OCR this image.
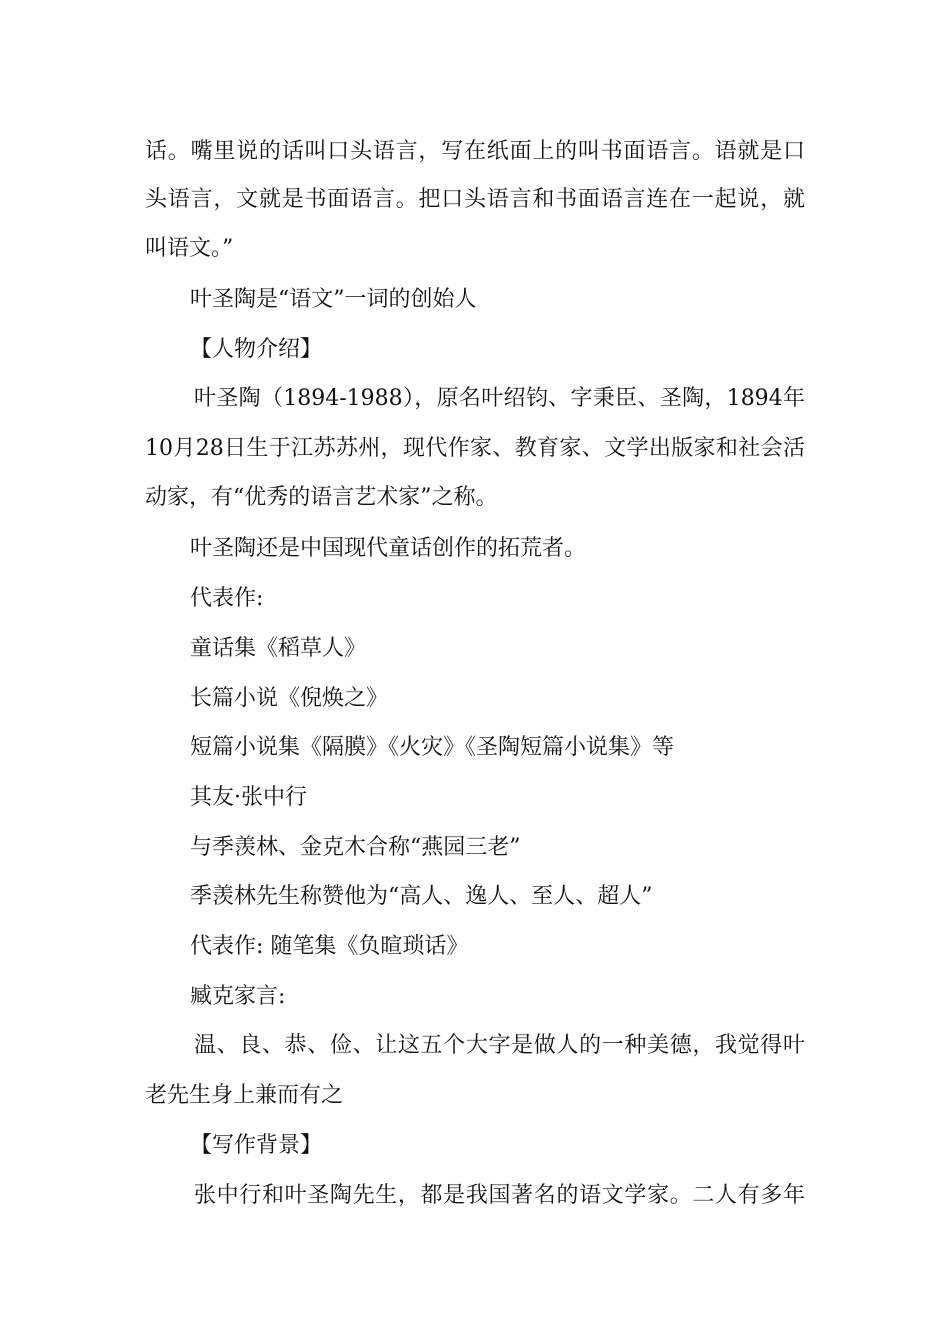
话。嘴里说的话叫口头语言，写在纸面上的叫书面语言。语就是口
头语言，文就是书面语言。把口头语言和书面语言连在一起说，就
叫语文。”
叶圣陶是“语文”一词的创始人
【人物介绍】
叶圣陶（1894-1988），原名叶绍钧、字秉臣、圣陶，1894年
10月28日生于江苏苏州，现代作家、教育家、文学出版家和社会活
动家，有“优秀的语言艺术家”之称。
叶圣陶还是中国现代童话创作的拓荒者。
代表作:
童话集《稻草人》
长篇小说《倪焕之》
短篇小说集《隔膜》《火灾》《圣陶短篇小说集》等
其友·张中行
与季羡林、金克木合称“燕园三老”
季羡林先生称赞他为“高人、逸人、至人、超人”
代表作: 随笔集《负暄琐话》
臧克家言:
温、良、恭、俭、让这五个大字是做人的一种美德，我觉得叶
老先生身上兼而有之
【写作背景】
张中行和叶圣陶先生，都是我国著名的语文学家。二人有多年
